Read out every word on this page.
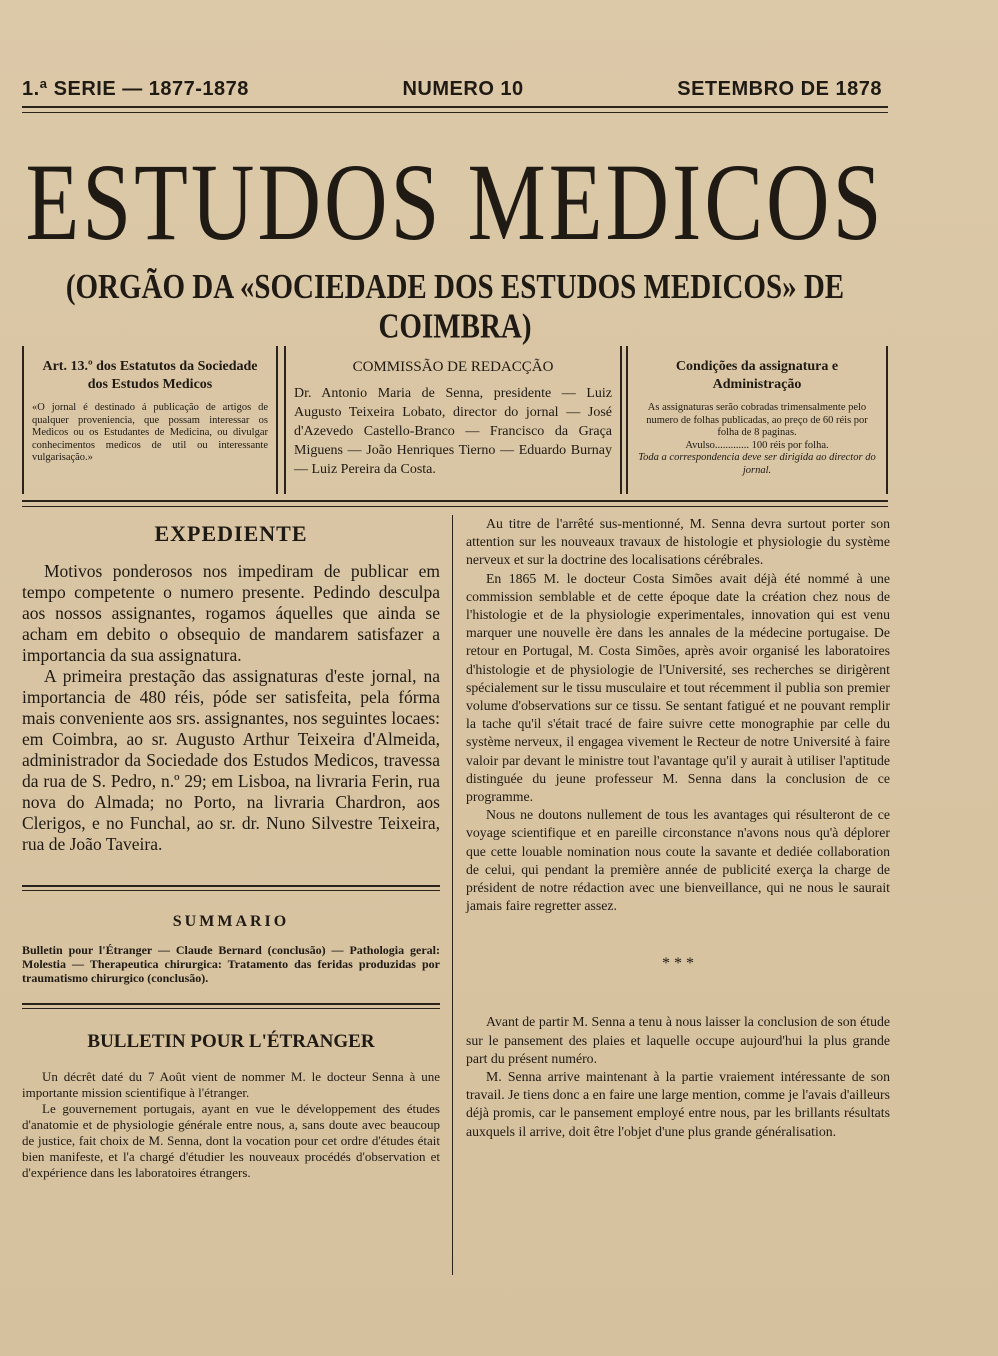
1.ª SERIE — 1877-1878	NUMERO 10	SETEMBRO DE 1878
ESTUDOS MEDICOS
(ORGÃO DA «SOCIEDADE DOS ESTUDOS MEDICOS» DE COIMBRA)
Art. 13.º dos Estatutos da Sociedade dos Estudos Medicos

«O jornal é destinado á publicação de artigos de qualquer proveniencia, que possam interessar os Medicos ou os Estudantes de Medicina, ou divulgar conhecimentos medicos de util ou interessante vulgarisação.»

COMMISSÃO DE REDACÇÃO
Dr. Antonio Maria de Senna, presidente — Luiz Augusto Teixeira Lobato, director do jornal — José d'Azevedo Castello-Branco — Francisco da Graça Miguens — João Henriques Tierno — Eduardo Burnay — Luiz Pereira da Costa.
Condições da assignatura e Administração
As assignaturas serão cobradas trimensalmente pelo numero de folhas publicadas, ao preço de 60 réis por folha de 8 paginas.
Avulso............. 100 réis por folha.
Toda a correspondencia deve ser dirigida ao director do jornal.
EXPEDIENTE

Motivos ponderosos nos impediram de publicar em tempo competente o numero presente. Pedindo desculpa aos nossos assignantes, rogamos áquelles que ainda se acham em debito o obsequio de mandarem satisfazer a importancia da sua assignatura.

A primeira prestação das assignaturas d'este jornal, na importancia de 480 réis, póde ser satisfeita, pela fórma mais conveniente aos srs. assignantes, nos seguintes locaes: em Coimbra, ao sr. Augusto Arthur Teixeira d'Almeida, administrador da Sociedade dos Estudos Medicos, travessa da rua de S. Pedro, n.º 29; em Lisboa, na livraria Ferin, rua nova do Almada; no Porto, na livraria Chardron, aos Clerigos, e no Funchal, ao sr. dr. Nuno Silvestre Teixeira, rua de João Taveira.

SUMMARIO
Bulletin pour l'Étranger — Claude Bernard (conclusão) — Pathologia geral: Molestia — Therapeutica chirurgica: Tratamento das feridas produzidas por traumatismo chirurgico (conclusão).
BULLETIN POUR L'ÉTRANGER

Un décrêt daté du 7 Août vient de nommer M. le docteur Senna à une importante mission scientifique à l'étranger.

Le gouvernement portugais, ayant en vue le développement des études d'anatomie et de physiologie générale entre nous, a, sans doute avec beaucoup de justice, fait choix de M. Senna, dont la vocation pour cet ordre d'études était bien manifeste, et l'a chargé d'étudier les nouveaux procédés d'observation et d'expérience dans les laboratoires étrangers.

Au titre de l'arrêté sus-mentionné, M. Senna devra surtout porter son attention sur les nouveaux travaux de histologie et physiologie du système nerveux et sur la doctrine des localisations cérébrales.

En 1865 M. le docteur Costa Simões avait déjà été nommé à une commission semblable et de cette époque date la création chez nous de l'histologie et de la physiologie experimentales, innovation qui est venu marquer une nouvelle ère dans les annales de la médecine portugaise. De retour en Portugal, M. Costa Simões, après avoir organisé les laboratoires d'histologie et de physiologie de l'Université, ses recherches se dirigèrent spécialement sur le tissu musculaire et tout récemment il publia son premier volume d'observations sur ce tissu. Se sentant fatigué et ne pouvant remplir la tache qu'il s'était tracé de faire suivre cette monographie par celle du système nerveux, il engagea vivement le Recteur de notre Université à faire valoir par devant le ministre tout l'avantage qu'il y aurait à utiliser l'aptitude distinguée du jeune professeur M. Senna dans la conclusion de ce programme.

Nous ne doutons nullement de tous les avantages qui résulteront de ce voyage scientifique et en pareille circonstance n'avons nous qu'à déplorer que cette louable nomination nous coute la savante et dediée collaboration de celui, qui pendant la première année de publicité exerça la charge de président de notre rédaction avec une bienveillance, qui ne nous le saurait jamais faire regretter assez.

* * *

Avant de partir M. Senna a tenu à nous laisser la conclusion de son étude sur le pansement des plaies et laquelle occupe aujourd'hui la plus grande part du présent numéro.

M. Senna arrive maintenant à la partie vraiement intéressante de son travail. Je tiens donc a en faire une large mention, comme je l'avais d'ailleurs déjà promis, car le pansement employé entre nous, par les brillants résultats auxquels il arrive, doit être l'objet d'une plus grande généralisation.
